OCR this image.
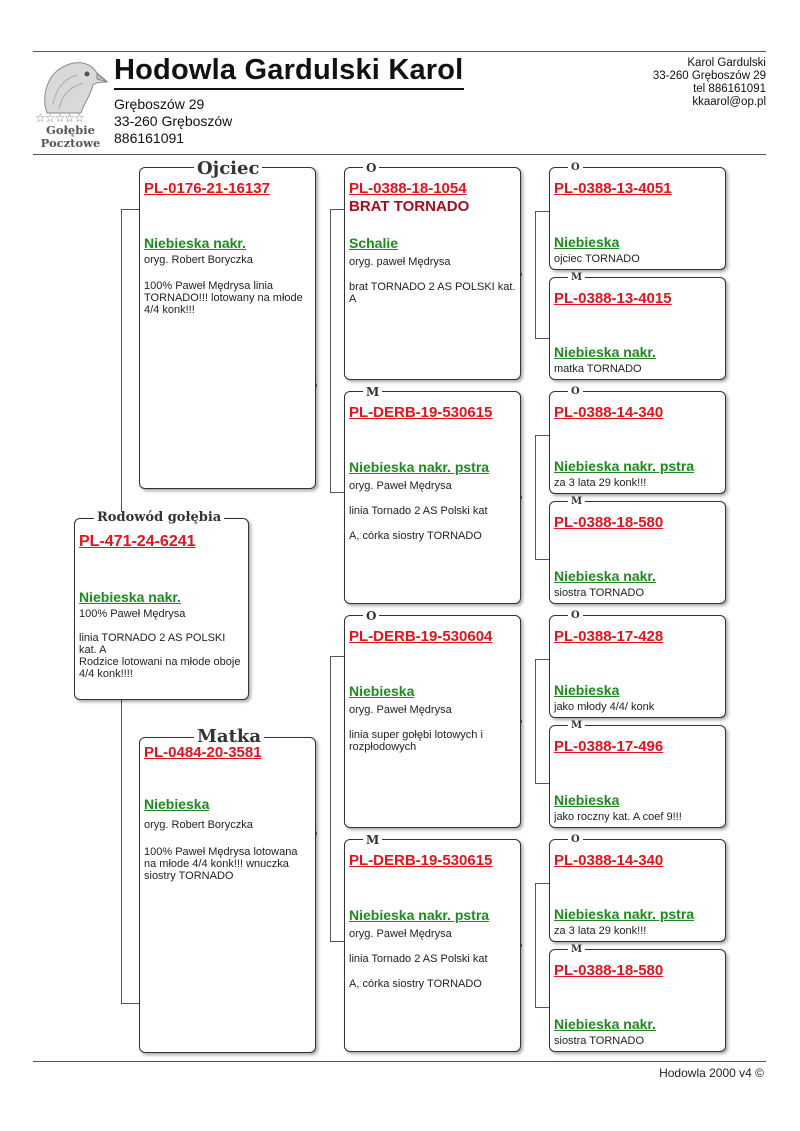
☆☆☆☆☆
Gołębie
Pocztowe
Hodowla Gardulski Karol
Gręboszów 29
33-260 Gręboszów
886161091
Karol Gardulski
33-260 Gręboszów 29
tel 886161091
kkaarol@op.pl
Rodowód gołębia
PL-471-24-6241
Niebieska nakr.
100% Paweł Mędrysa
linia TORNADO 2 AS POLSKI kat. A
Rodzice lotowani na młode oboje 4/4 konk!!!!
Ojciec
PL-0176-21-16137
Niebieska nakr.
oryg. Robert Boryczka
100% Paweł Mędrysa linia TORNADO!!! lotowany na młode 4/4 konk!!!
Matka
PL-0484-20-3581
Niebieska
oryg. Robert Boryczka
100% Paweł Mędrysa lotowana na młode 4/4 konk!!! wnuczka siostry TORNADO
O
PL-0388-18-1054
BRAT TORNADO
Schalie
oryg. paweł Mędrysa
brat TORNADO 2 AS POLSKI kat. A
M
PL-DERB-19-530615
Niebieska nakr. pstra
oryg. Paweł Mędrysa
linia Tornado 2 AS Polski kat
A, córka siostry TORNADO
O
PL-DERB-19-530604
Niebieska
oryg. Paweł Mędrysa
linia super gołębi lotowych i rozpłodowych
M
PL-DERB-19-530615
Niebieska nakr. pstra
oryg. Paweł Mędrysa
linia Tornado 2 AS Polski kat
A, córka siostry TORNADO
O
PL-0388-13-4051
Niebieska
ojciec TORNADO
M
PL-0388-13-4015
Niebieska nakr.
matka TORNADO
O
PL-0388-14-340
Niebieska nakr. pstra
za 3 lata 29 konk!!!
M
PL-0388-18-580
Niebieska nakr.
siostra TORNADO
O
PL-0388-17-428
Niebieska
jako młody 4/4/ konk
M
PL-0388-17-496
Niebieska
jako roczny kat. A coef 9!!!
O
PL-0388-14-340
Niebieska nakr. pstra
za 3 lata 29 konk!!!
M
PL-0388-18-580
Niebieska nakr.
siostra TORNADO
Hodowla 2000 v4 ©
